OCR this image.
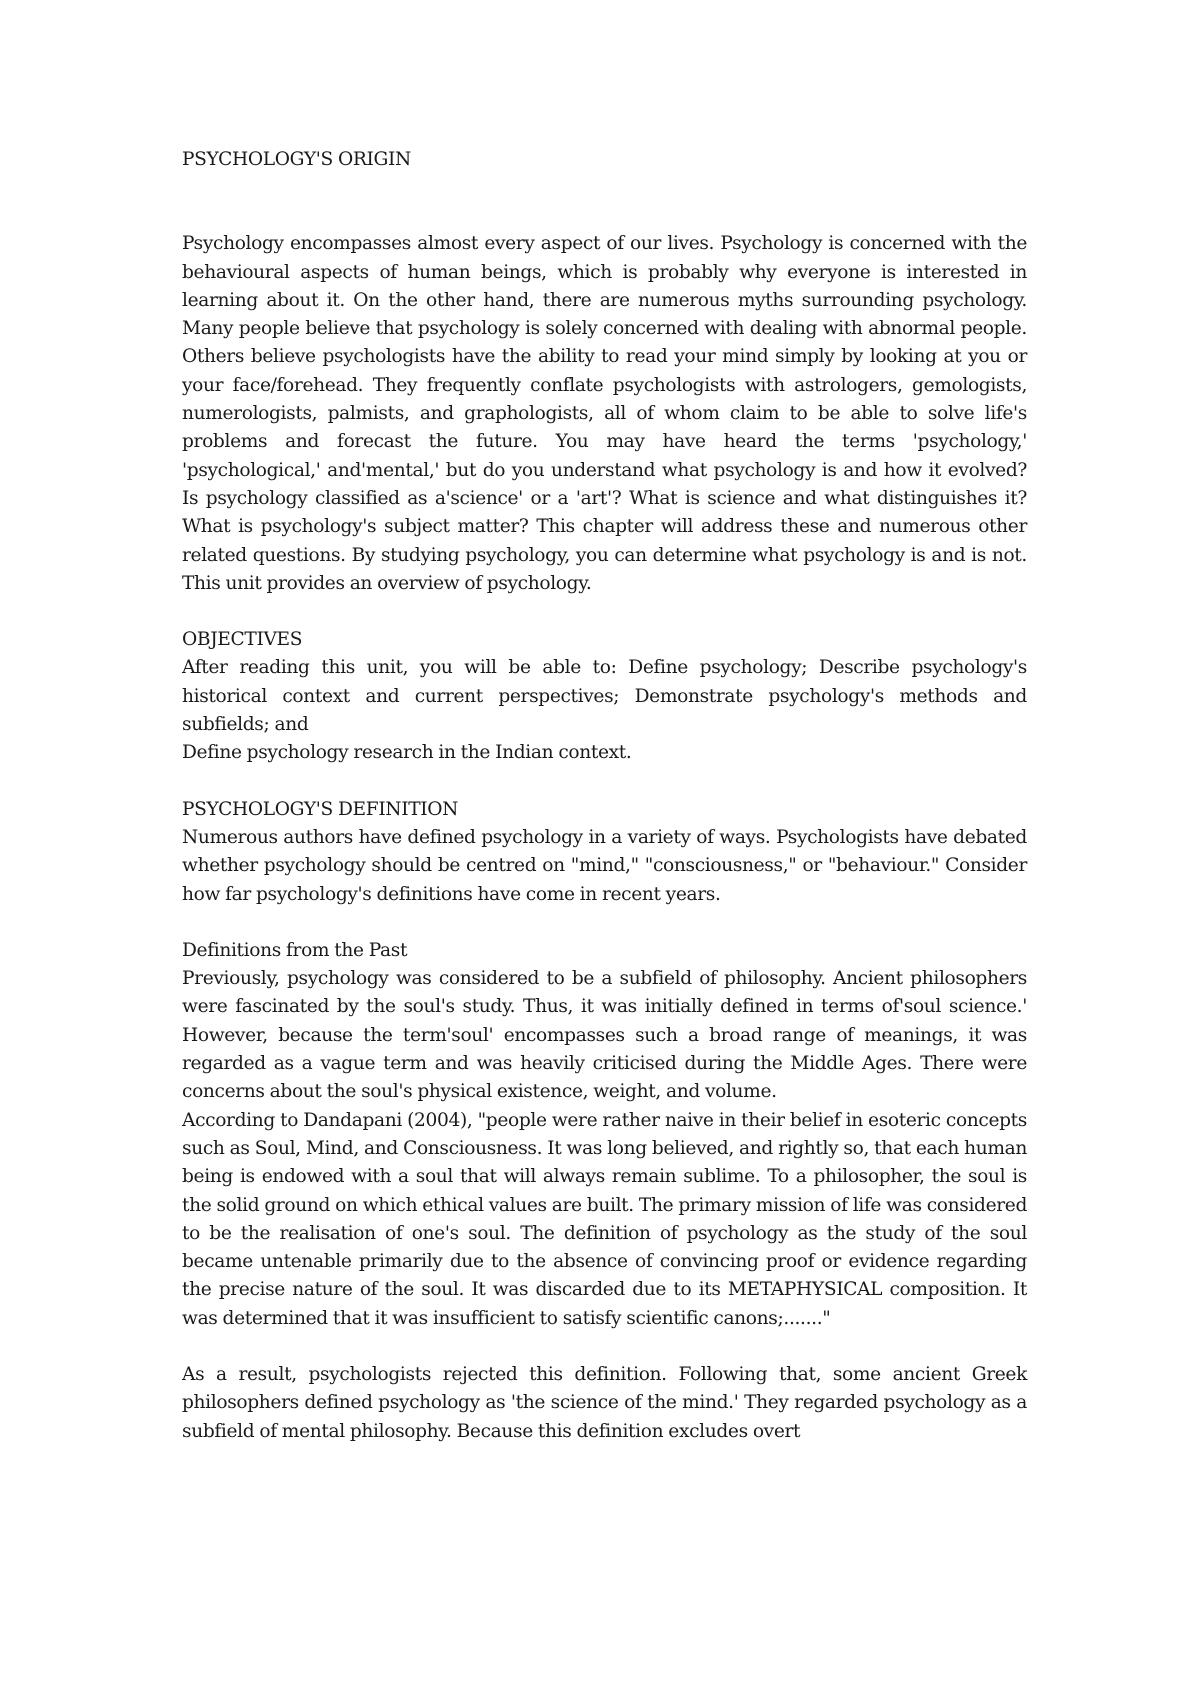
PSYCHOLOGY'S ORIGIN

Psychology encompasses almost every aspect of our lives. Psychology is concerned with the behavioural aspects of human beings, which is probably why everyone is interested in learning about it. On the other hand, there are numerous myths surrounding psychology. Many people believe that psychology is solely concerned with dealing with abnormal people. Others believe psychologists have the ability to read your mind simply by looking at you or your face/forehead. They frequently conflate psychologists with astrologers, gemologists, numerologists, palmists, and graphologists, all of whom claim to be able to solve life's problems and forecast the future. You may have heard the terms 'psychology,' 'psychological,' and'mental,' but do you understand what psychology is and how it evolved? Is psychology classified as a'science' or a 'art'? What is science and what distinguishes it? What is psychology's subject matter? This chapter will address these and numerous other related questions. By studying psychology, you can determine what psychology is and is not. This unit provides an overview of psychology.

OBJECTIVES

After reading this unit, you will be able to: Define psychology; Describe psychology's historical context and current perspectives; Demonstrate psychology's methods and subfields; and

Define psychology research in the Indian context.

PSYCHOLOGY'S DEFINITION

Numerous authors have defined psychology in a variety of ways. Psychologists have debated whether psychology should be centred on "mind," "consciousness," or "behaviour." Consider how far psychology's definitions have come in recent years.

Definitions from the Past

Previously, psychology was considered to be a subfield of philosophy. Ancient philosophers were fascinated by the soul's study. Thus, it was initially defined in terms of'soul science.' However, because the term'soul' encompasses such a broad range of meanings, it was regarded as a vague term and was heavily criticised during the Middle Ages. There were concerns about the soul's physical existence, weight, and volume.

According to Dandapani (2004), "people were rather naive in their belief in esoteric concepts such as Soul, Mind, and Consciousness. It was long believed, and rightly so, that each human being is endowed with a soul that will always remain sublime. To a philosopher, the soul is the solid ground on which ethical values are built. The primary mission of life was considered to be the realisation of one's soul. The definition of psychology as the study of the soul became untenable primarily due to the absence of convincing proof or evidence regarding the precise nature of the soul. It was discarded due to its METAPHYSICAL composition. It was determined that it was insufficient to satisfy scientific canons;......."

As a result, psychologists rejected this definition. Following that, some ancient Greek philosophers defined psychology as 'the science of the mind.' They regarded psychology as a subfield of mental philosophy. Because this definition excludes overt
